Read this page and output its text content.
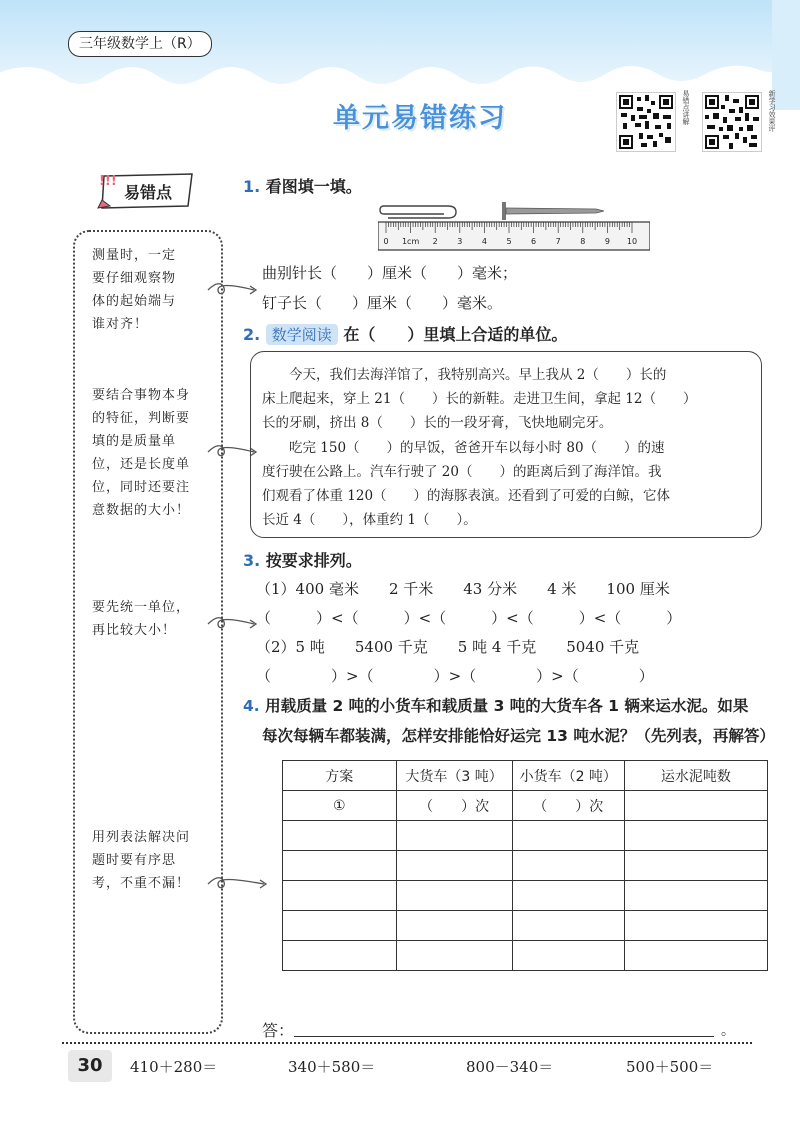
三年级数学上（R）
单元易错练习	易错点讲解	新学习效果评
!!!
易错点
测量时，一定
要仔细观察物
体的起始端与
谁对齐！
要结合事物本身
的特征，判断要
填的是质量单
位，还是长度单
位，同时还要注
意数据的大小！
要先统一单位，
再比较大小！
用列表法解决问
题时要有序思
考，不重不漏！
1. 看图填一填。
0 1cm 2 3 4 5 6 7 8 9 10
曲别针长（　　）厘米（　　）毫米；
钉子长（　　）厘米（　　）毫米。
2. 数学阅读 在（　　）里填上合适的单位。
　　今天，我们去海洋馆了，我特别高兴。早上我从 2（　　）长的
床上爬起来，穿上 21（　　）长的新鞋。走进卫生间，拿起 12（　　）
长的牙刷，挤出 8（　　）长的一段牙膏，飞快地刷完牙。
　　吃完 150（　　）的早饭，爸爸开车以每小时 80（　　）的速
度行驶在公路上。汽车行驶了 20（　　）的距离后到了海洋馆。我
们观看了体重 120（　　）的海豚表演。还看到了可爱的白鲸，它体
长近 4（　　），体重约 1（　　）。
3. 按要求排列。
（1）400 毫米　　2 千米　　43 分米　　4 米　　100 厘米
（　　　）<（　　　）<（　　　）<（　　　）<（　　　）
（2）5 吨　　5400 千克　　5 吨 4 千克　　5040 千克
（　　　　）>（　　　　）>（　　　　）>（　　　　）
4. 用载质量 2 吨的小货车和载质量 3 吨的大货车各 1 辆来运水泥。如果
每次每辆车都装满，怎样安排能恰好运完 13 吨水泥？（先列表，再解答）
方案	大货车（3 吨）	小货车（2 吨）	运水泥吨数
①	（　　）次	（　　）次	

答：	。
30	410＋280＝	340＋580＝	800－340＝	500＋500＝
